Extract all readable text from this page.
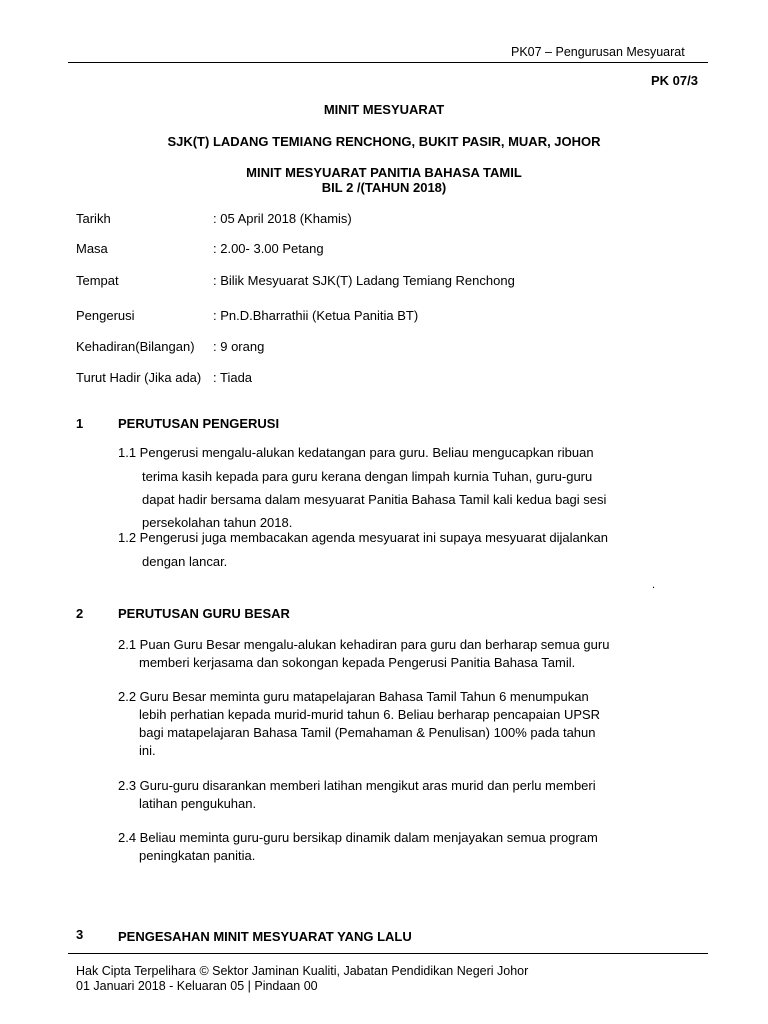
PK07 – Pengurusan Mesyuarat
PK 07/3
MINIT MESYUARAT
SJK(T) LADANG TEMIANG RENCHONG, BUKIT PASIR, MUAR, JOHOR
MINIT MESYUARAT PANITIA BAHASA TAMIL
BIL 2 /(TAHUN 2018)
Tarikh	: 05 April 2018 (Khamis)
Masa	: 2.00- 3.00 Petang
Tempat	: Bilik Mesyuarat SJK(T) Ladang Temiang Renchong
Pengerusi	: Pn.D.Bharrathii (Ketua Panitia BT)
Kehadiran(Bilangan) : 9 orang
Turut Hadir (Jika ada) : Tiada
1	PERUTUSAN PENGERUSI
1.1 Pengerusi mengalu-alukan kedatangan para guru. Beliau mengucapkan ribuan
terima kasih kepada para guru kerana dengan limpah kurnia Tuhan, guru-guru
dapat hadir bersama dalam mesyuarat Panitia Bahasa Tamil kali kedua bagi sesi
persekolahan tahun 2018.
1.2 Pengerusi juga membacakan agenda mesyuarat ini supaya mesyuarat dijalankan
dengan lancar.
.
2	PERUTUSAN GURU BESAR
2.1 Puan Guru Besar mengalu-alukan kehadiran para guru dan berharap semua guru
memberi kerjasama dan sokongan kepada Pengerusi Panitia Bahasa Tamil.
2.2 Guru Besar meminta guru matapelajaran Bahasa Tamil Tahun 6 menumpukan
lebih perhatian kepada murid-murid tahun 6. Beliau berharap pencapaian UPSR
bagi matapelajaran Bahasa Tamil (Pemahaman & Penulisan) 100% pada tahun
ini.
2.3 Guru-guru disarankan memberi latihan mengikut aras murid dan perlu memberi
latihan pengukuhan.
2.4 Beliau meminta guru-guru bersikap dinamik dalam menjayakan semua program
peningkatan panitia.
3	PENGESAHAN MINIT MESYUARAT YANG LALU
Hak Cipta Terpelihara © Sektor Jaminan Kualiti, Jabatan Pendidikan Negeri Johor
01 Januari 2018 - Keluaran 05 | Pindaan 00
